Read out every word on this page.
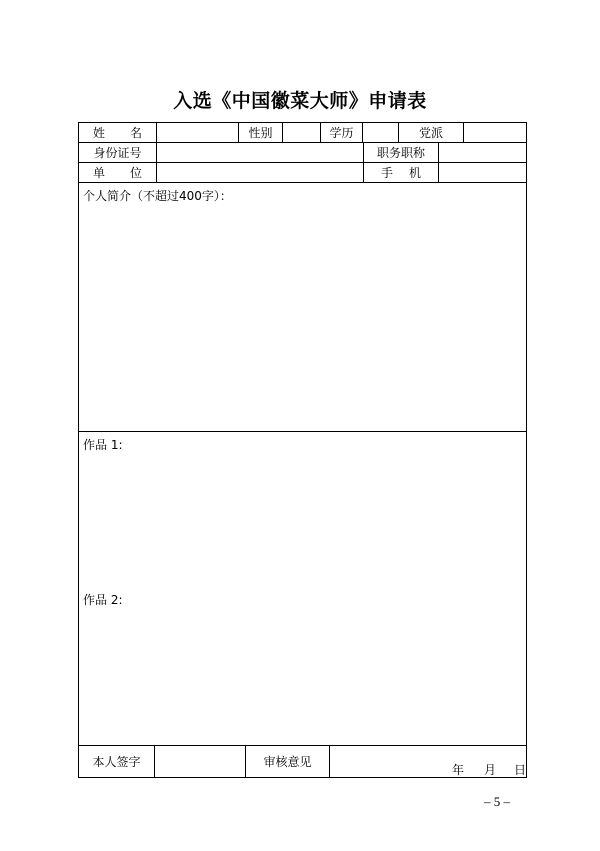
入选《中国徽菜大师》申请表
姓 名	性别	学历	党派
身份证号	职务职称
单 位	手 机
个人简介（不超过400字）：
作品 1:
作品 2:
本人签字	审核意见
年 月 日
– 5 –
